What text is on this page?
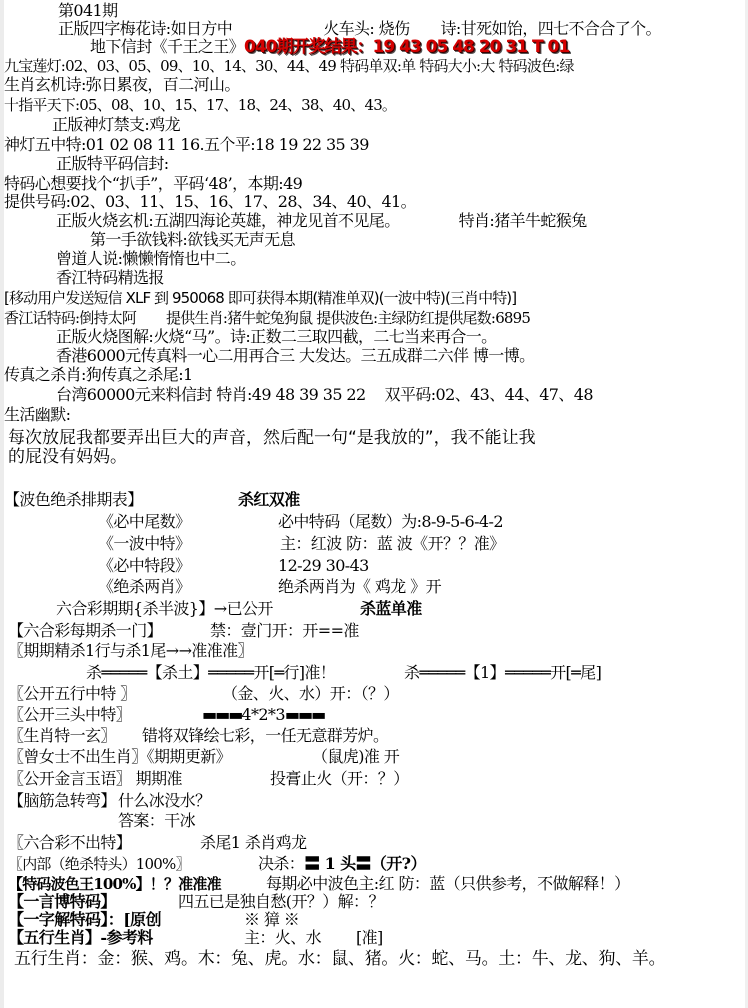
第041期
正版四字梅花诗:如日方中	火车头: 烧伤 诗:甘死如饴，四七不合合了个。
地下信封《千王之王》040期开奖结果：19 43 05 48 20 31 T 01
九宝莲灯:02、03、05、09、10、14、30、44、49 特码单双:单 特码大小:大 特码波色:绿
生肖玄机诗:弥日累夜，百二河山。
十指平天下:05、08、10、15、17、18、24、38、40、43。
正版神灯禁支:鸡龙
神灯五中特:01 02 08 11 16.五个平:18 19 22 35 39
正版特平码信封:
特码心想要找个“扒手”，平码‘48’，本期:49
提供号码:02、03、11、15、16、17、28、34、40、41。
正版火烧玄机:五湖四海论英雄，神龙见首不见尾。	特肖:猪羊牛蛇猴兔
第一手欲钱料:欲钱买无声无息
曾道人说:懒懒惰惰也中二。
香江特码精选报
[移动用户发送短信 XLF 到 950068 即可获得本期(精准单双)(一波中特)(三肖中特)]
香江话特码:倒持太阿 提供生肖:猪牛蛇兔狗鼠 提供波色:主绿防红提供尾数:6895
正版火烧图解:火烧“马”。诗:正数二三取四截，二七当来再合一。
香港6000元传真料一心二用再合三 大发达。三五成群二六伴 博一博。
传真之杀肖:狗传真之杀尾:1
台湾60000元来料信封 特肖:49 48 39 35 22 双平码:02、43、44、47、48
生活幽默:
每次放屁我都要弄出巨大的声音，然后配一句“是我放的”，我不能让我
的屁没有妈妈。
【波色绝杀排期表】	杀红双准
《必中尾数》	必中特码（尾数）为:8-9-5-6-4-2
《一波中特》	主：红波 防：蓝 波《开？？准》
《必中特段》	12-29 30-43
《绝杀两肖》	绝杀两肖为《 鸡龙 》开
六合彩期期{杀半波}】→已公开	杀蓝单准
【六合彩每期杀一门】	禁：壹门开：开==准
〖期期精杀1行与杀1尾→→准准准〗
杀═════【杀土】═════开[═行]准！	杀═════【1】═════开[═尾]
〖公开五行中特 〗	（金、火、水）开：（？）
〖公开三头中特〗	▬▬▬4*2*3▬▬▬
〖生肖特一玄〗 错将双锋绘七彩，一任无意群芳炉。
〖曾女士不出生肖〗《期期更新》	（鼠虎)准 开
〖公开金言玉语〗 期期准	投膏止火（开：？）
【脑筋急转弯】 什么冰没水？
答案：干冰
〖六合彩不出特】	杀尾1 杀肖鸡龙
〖内部（绝杀特头）100%〗	决杀：〓 1 头〓（开?）
【特码波色王100%】！？准准准	每期必中波色主:红 防：蓝（只供参考，不做解释！）
【一言博特码】	四五已是独自愁(开？）解：？
【一字解特码】：[原创	※ 獐 ※
【五行生肖】-参考料	主：火、水 [准]
五行生肖：金：猴、鸡。木：兔、虎。水：鼠、猪。火：蛇、马。土：牛、龙、狗、羊。
